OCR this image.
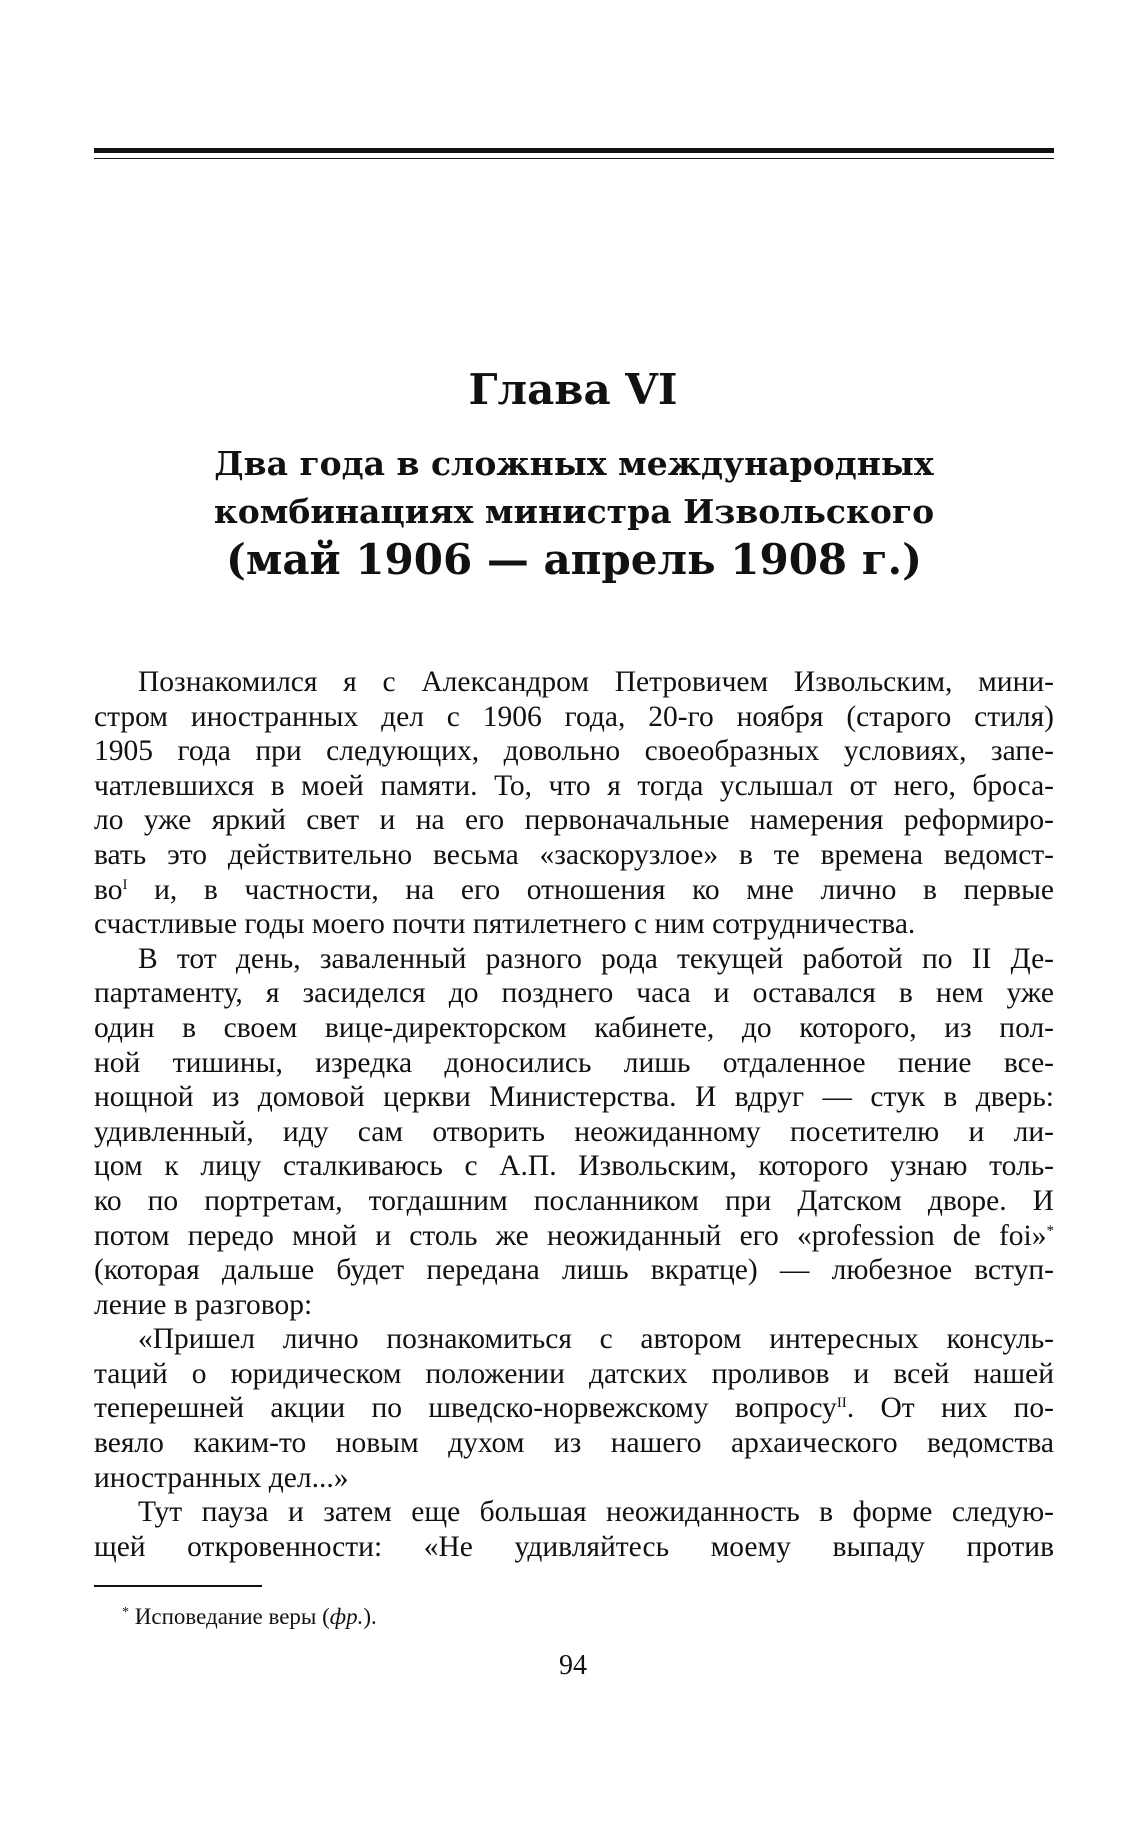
Глава VI
Два года в сложных международных
комбинациях министра Извольского
(май 1906 — апрель 1908 г.)

Познакомился я с Александром Петровичем Извольским, мини-
стром иностранных дел с 1906 года, 20-го ноября (старого стиля)
1905 года при следующих, довольно своеобразных условиях, запе-
чатлевшихся в моей памяти. То, что я тогда услышал от него, броса-
ло уже яркий свет и на его первоначальные намерения реформиро-
вать это действительно весьма «заскорузлое» в те времена ведомст-
$во^I$ и, в частности, на его отношения ко мне лично в первые
счастливые годы моего почти пятилетнего с ним сотрудничества.

В тот день, заваленный разного рода текущей работой по II Де-
партаменту, я засиделся до позднего часа и оставался в нем уже
один в своем вице-директорском кабинете, до которого, из пол-
ной тишины, изредка доносились лишь отдаленное пение все-
нощной из домовой церкви Министерства. И вдруг — стук в дверь:
удивленный, иду сам отворить неожиданному посетителю и ли-
цом к лицу сталкиваюсь с А.П. Извольским, которого узнаю толь-
ко по портретам, тогдашним посланником при Датском дворе. И
потом передо мной и столь же неожиданный его «profession de foi»*
(которая дальше будет передана лишь вкратце) — любезное вступ-
ление в разговор:

«Пришел лично познакомиться с автором интересных консуль-
таций о юридическом положении датских проливов и всей нашей
теперешней акции по шведско-норвежскому вопросу$^{II}$. От них по-
веяло каким-то новым духом из нашего архаического ведомства
иностранных дел...»

Тут пауза и затем еще большая неожиданность в форме следую-
щей откровенности: «Не удивляйтесь моему выпаду против

* Исповедание веры (фр.).
94
